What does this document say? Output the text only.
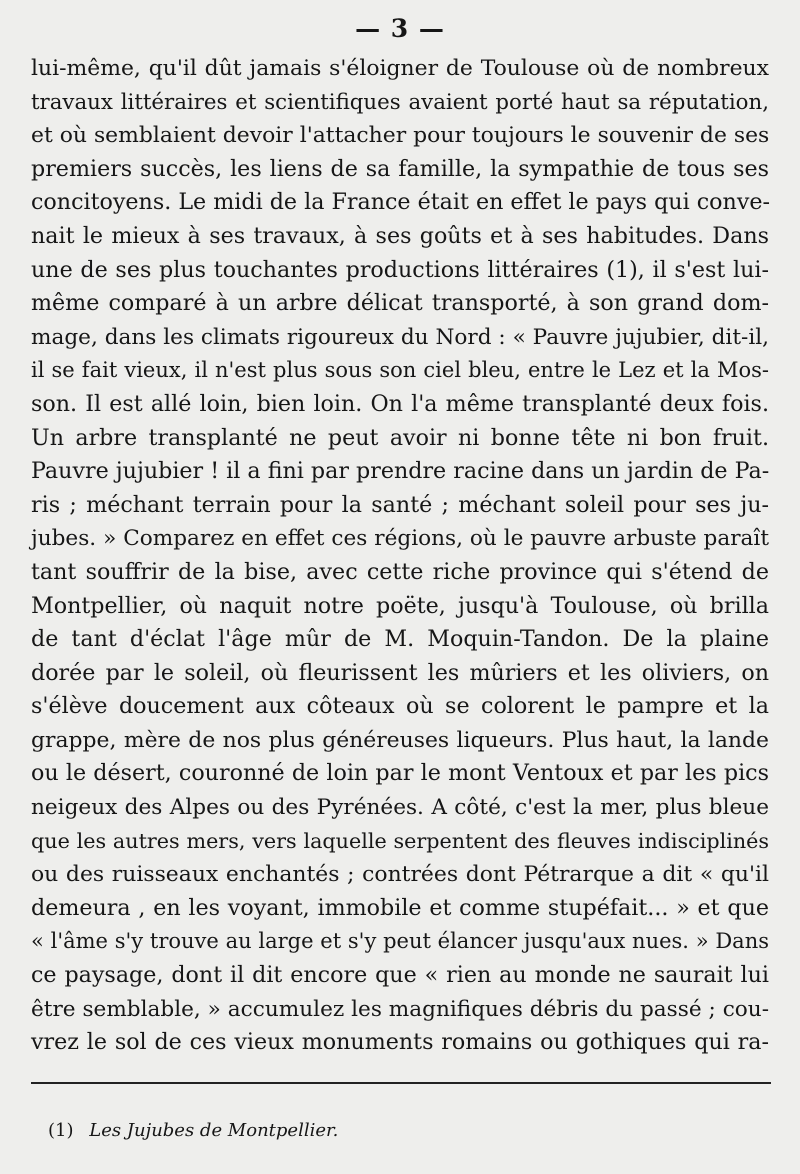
— 3 —
lui-même, qu'il dût jamais s'éloigner de Toulouse où de nombreux
travaux littéraires et scientifiques avaient porté haut sa réputation,
et où semblaient devoir l'attacher pour toujours le souvenir de ses
premiers succès, les liens de sa famille, la sympathie de tous ses
concitoyens. Le midi de la France était en effet le pays qui conve-
nait le mieux à ses travaux, à ses goûts et à ses habitudes. Dans
une de ses plus touchantes productions littéraires (1), il s'est lui-
même comparé à un arbre délicat transporté, à son grand dom-
mage, dans les climats rigoureux du Nord : « Pauvre jujubier, dit-il,
il se fait vieux, il n'est plus sous son ciel bleu, entre le Lez et la Mos-
son. Il est allé loin, bien loin. On l'a même transplanté deux fois.
Un arbre transplanté ne peut avoir ni bonne tête ni bon fruit.
Pauvre jujubier ! il a fini par prendre racine dans un jardin de Pa-
ris ; méchant terrain pour la santé ; méchant soleil pour ses ju-
jubes. » Comparez en effet ces régions, où le pauvre arbuste paraît
tant souffrir de la bise, avec cette riche province qui s'étend de
Montpellier, où naquit notre poëte, jusqu'à Toulouse, où brilla
de tant d'éclat l'âge mûr de M. Moquin-Tandon. De la plaine
dorée par le soleil, où fleurissent les mûriers et les oliviers, on
s'élève doucement aux côteaux où se colorent le pampre et la
grappe, mère de nos plus généreuses liqueurs. Plus haut, la lande
ou le désert, couronné de loin par le mont Ventoux et par les pics
neigeux des Alpes ou des Pyrénées. A côté, c'est la mer, plus bleue
que les autres mers, vers laquelle serpentent des fleuves indisciplinés
ou des ruisseaux enchantés ; contrées dont Pétrarque a dit « qu'il
demeura , en les voyant, immobile et comme stupéfait... » et que
« l'âme s'y trouve au large et s'y peut élancer jusqu'aux nues. » Dans
ce paysage, dont il dit encore que « rien au monde ne saurait lui
être semblable, » accumulez les magnifiques débris du passé ; cou-
vrez le sol de ces vieux monuments romains ou gothiques qui ra-
(1) Les Jujubes de Montpellier.
